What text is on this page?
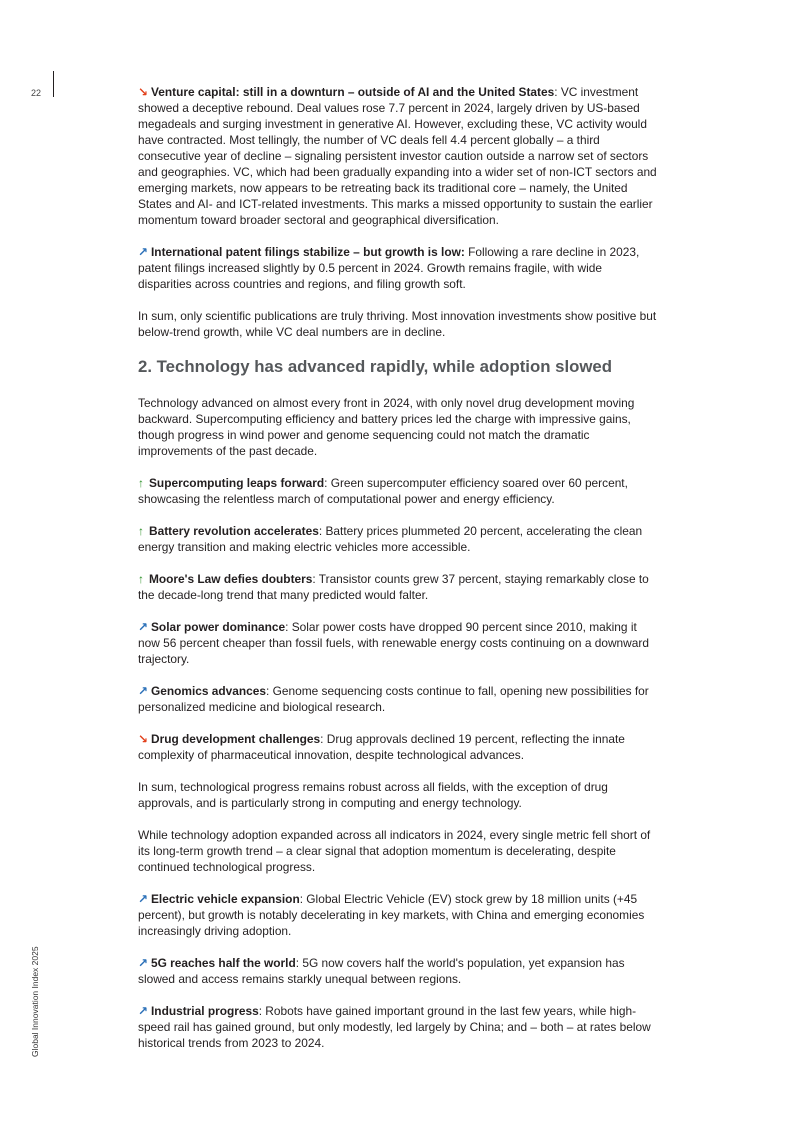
22
Global Innovation Index 2025

↘ Venture capital: still in a downturn – outside of AI and the United States: VC investment showed a deceptive rebound. Deal values rose 7.7 percent in 2024, largely driven by US-based megadeals and surging investment in generative AI. However, excluding these, VC activity would have contracted. Most tellingly, the number of VC deals fell 4.4 percent globally – a third consecutive year of decline – signaling persistent investor caution outside a narrow set of sectors and geographies. VC, which had been gradually expanding into a wider set of non-ICT sectors and emerging markets, now appears to be retreating back its traditional core – namely, the United States and AI- and ICT-related investments. This marks a missed opportunity to sustain the earlier momentum toward broader sectoral and geographical diversification.

↗ International patent filings stabilize – but growth is low: Following a rare decline in 2023, patent filings increased slightly by 0.5 percent in 2024. Growth remains fragile, with wide disparities across countries and regions, and filing growth soft.

In sum, only scientific publications are truly thriving. Most innovation investments show positive but below-trend growth, while VC deal numbers are in decline.

2. Technology has advanced rapidly, while adoption slowed

Technology advanced on almost every front in 2024, with only novel drug development moving backward. Supercomputing efficiency and battery prices led the charge with impressive gains, though progress in wind power and genome sequencing could not match the dramatic improvements of the past decade.

↑ Supercomputing leaps forward: Green supercomputer efficiency soared over 60 percent, showcasing the relentless march of computational power and energy efficiency.

↑ Battery revolution accelerates: Battery prices plummeted 20 percent, accelerating the clean energy transition and making electric vehicles more accessible.

↑ Moore's Law defies doubters: Transistor counts grew 37 percent, staying remarkably close to the decade-long trend that many predicted would falter.

↗ Solar power dominance: Solar power costs have dropped 90 percent since 2010, making it now 56 percent cheaper than fossil fuels, with renewable energy costs continuing on a downward trajectory.

↗ Genomics advances: Genome sequencing costs continue to fall, opening new possibilities for personalized medicine and biological research.

↘ Drug development challenges: Drug approvals declined 19 percent, reflecting the innate complexity of pharmaceutical innovation, despite technological advances.

In sum, technological progress remains robust across all fields, with the exception of drug approvals, and is particularly strong in computing and energy technology.

While technology adoption expanded across all indicators in 2024, every single metric fell short of its long-term growth trend – a clear signal that adoption momentum is decelerating, despite continued technological progress.

↗ Electric vehicle expansion: Global Electric Vehicle (EV) stock grew by 18 million units (+45 percent), but growth is notably decelerating in key markets, with China and emerging economies increasingly driving adoption.

↗ 5G reaches half the world: 5G now covers half the world's population, yet expansion has slowed and access remains starkly unequal between regions.

↗ Industrial progress: Robots have gained important ground in the last few years, while high-speed rail has gained ground, but only modestly, led largely by China; and – both – at rates below historical trends from 2023 to 2024.
